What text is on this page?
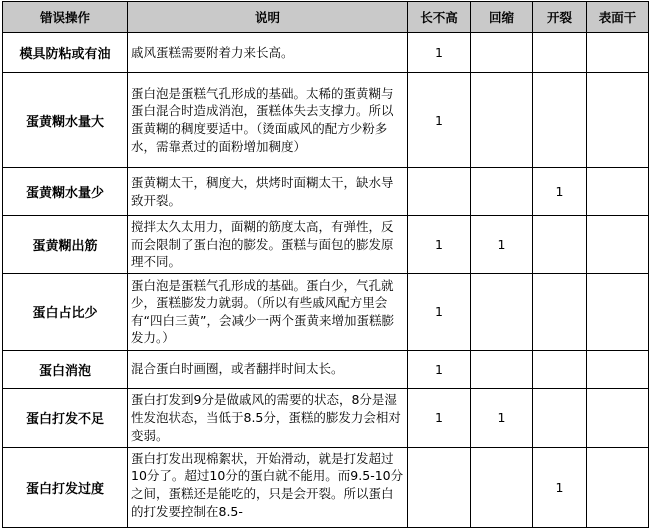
错误操作	说明	长不高	回缩	开裂	表面干
模具防粘或有油	戚风蛋糕需要附着力来长高。	1			
蛋黄糊水量大	蛋白泡是蛋糕气孔形成的基础。太稀的蛋黄糊与蛋白混合时造成消泡，蛋糕体失去支撑力。所以蛋黄糊的稠度要适中。（烫面戚风的配方少粉多水，需靠煮过的面粉增加稠度）	1			
蛋黄糊水量少	蛋黄糊太干，稠度大，烘烤时面糊太干，缺水导致开裂。			1	
蛋黄糊出筋	搅拌太久太用力，面糊的筋度太高，有弹性，反而会限制了蛋白泡的膨发。蛋糕与面包的膨发原理不同。	1	1		
蛋白占比少	蛋白泡是蛋糕气孔形成的基础。蛋白少，气孔就少，蛋糕膨发力就弱。（所以有些戚风配方里会有“四白三黄”，会减少一两个蛋黄来增加蛋糕膨发力。）	1			
蛋白消泡	混合蛋白时画圈，或者翻拌时间太长。	1			
蛋白打发不足	蛋白打发到9分是做戚风的需要的状态，8分是湿性发泡状态，当低于8.5分，蛋糕的膨发力会相对变弱。	1	1		
蛋白打发过度	蛋白打发出现棉絮状，开始滑动，就是打发超过10分了。超过10分的蛋白就不能用。而9.5-10分之间，蛋糕还是能吃的，只是会开裂。所以蛋白的打发要控制在8.5-			1	
